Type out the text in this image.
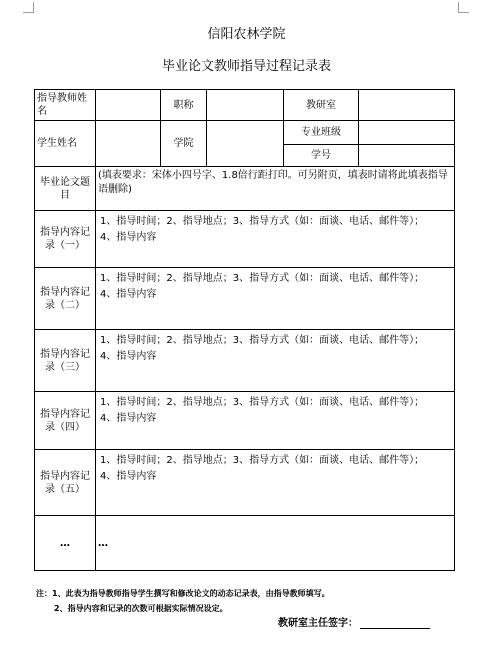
信阳农林学院
毕业论文教师指导过程记录表
指导教师姓名		职称		教研室	
学生姓名		学院		专业班级	
				学号	
毕业论文题目	(填表要求：宋体小四号字、1.8倍行距打印。可另附页，填表时请将此填表指导语删除)				
指导内容记录（一）	1、指导时间；2、指导地点；3、指导方式（如：面谈、电话、邮件等）；
4、指导内容				

指导内容记录（二）	1、指导时间；2、指导地点；3、指导方式（如：面谈、电话、邮件等）；
4、指导内容				

指导内容记录（三）	1、指导时间；2、指导地点；3、指导方式（如：面谈、电话、邮件等）；
4、指导内容				

指导内容记录（四）	1、指导时间；2、指导地点；3、指导方式（如：面谈、电话、邮件等）；
4、指导内容				

指导内容记录（五）	1、指导时间；2、指导地点；3、指导方式（如：面谈、电话、邮件等）；
4、指导内容				

…	…				
注：1、此表为指导教师指导学生撰写和修改论文的动态记录表，由指导教师填写。
2、指导内容和记录的次数可根据实际情况设定。
教研室主任签字：
